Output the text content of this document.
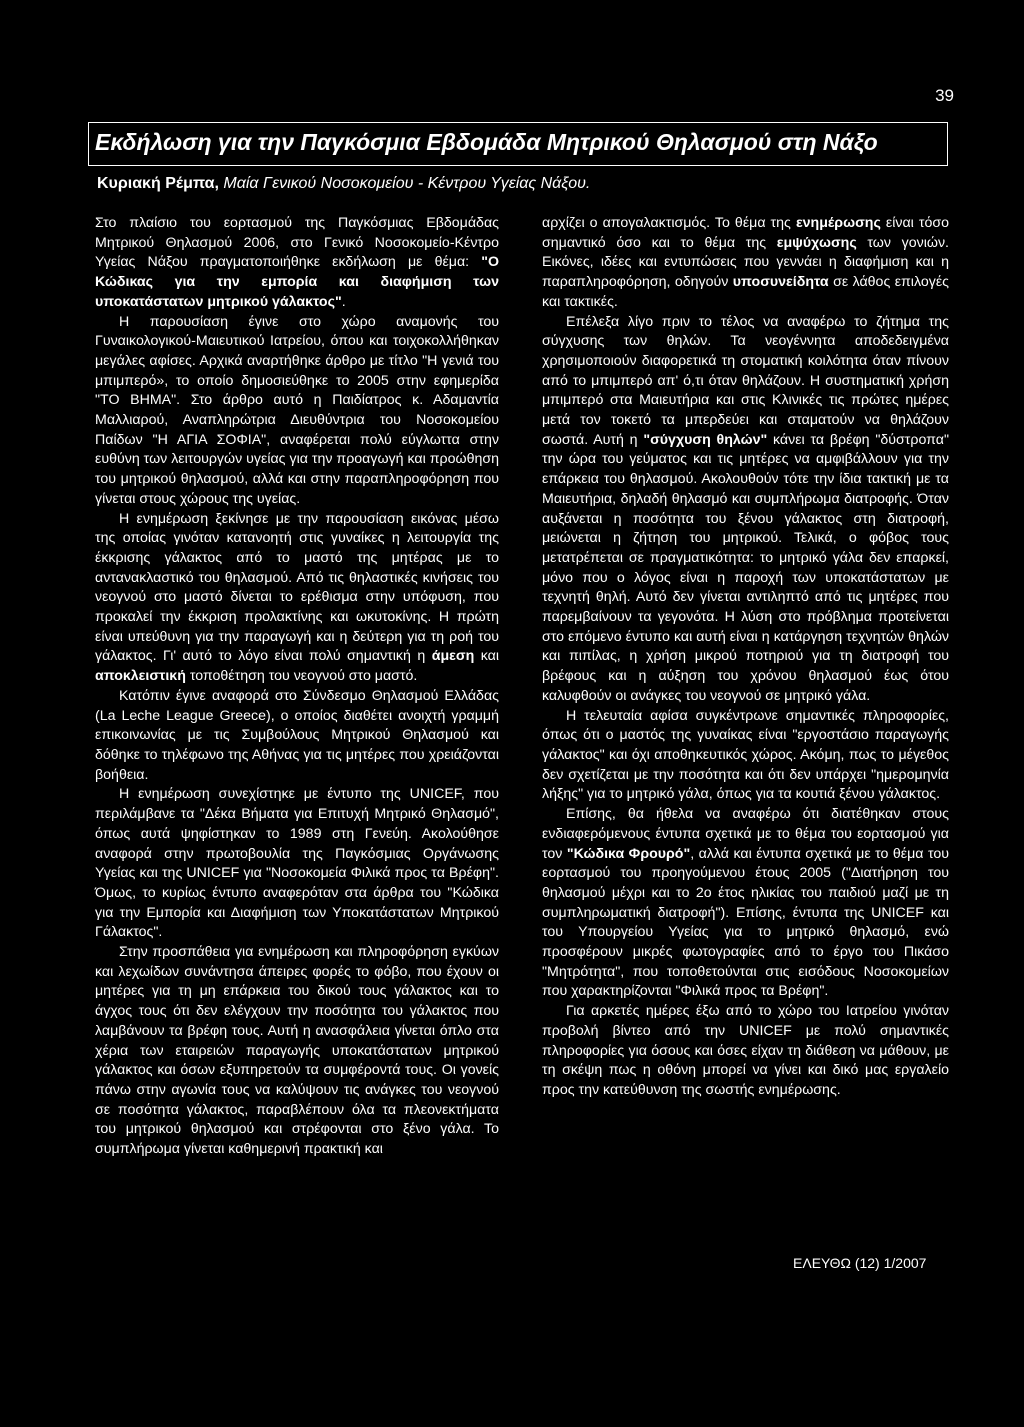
39
Εκδήλωση για την Παγκόσμια Εβδομάδα Μητρικού Θηλασμού στη Νάξο
Κυριακή Ρέμπα, Μαία Γενικού Νοσοκομείου - Κέντρου Υγείας Νάξου.

Στο πλαίσιο του εορτασμού της Παγκόσμιας Εβδομάδας Μητρικού Θηλασμού 2006, στο Γενικό Νοσοκομείο-Κέντρο Υγείας Νάξου πραγματοποιήθηκε εκδήλωση με θέμα: "Ο Κώδικας για την εμπορία και διαφήμιση των υποκατάστατων μητρικού γάλακτος".

Η παρουσίαση έγινε στο χώρο αναμονής του Γυναικολογικού-Μαιευτικού Ιατρείου, όπου και τοιχοκολλήθηκαν μεγάλες αφίσες. Αρχικά αναρτήθηκε άρθρο με τίτλο "Η γενιά του μπιμπερό», το οποίο δημοσιεύθηκε το 2005 στην εφημερίδα "ΤΟ ΒΗΜΑ". Στο άρθρο αυτό η Παιδίατρος κ. Αδαμαντία Μαλλιαρού, Αναπληρώτρια Διευθύντρια του Νοσοκομείου Παίδων "Η ΑΓΙΑ ΣΟΦΙΑ", αναφέρεται πολύ εύγλωττα στην ευθύνη των λειτουργών υγείας για την προαγωγή και προώθηση του μητρικού θηλασμού, αλλά και στην παραπληροφόρηση που γίνεται στους χώρους της υγείας.

Η ενημέρωση ξεκίνησε με την παρουσίαση εικόνας μέσω της οποίας γινόταν κατανοητή στις γυναίκες η λειτουργία της έκκρισης γάλακτος από το μαστό της μητέρας με το αντανακλαστικό του θηλασμού. Από τις θηλαστικές κινήσεις του νεογνού στο μαστό δίνεται το ερέθισμα στην υπόφυση, που προκαλεί την έκκριση προλακτίνης και ωκυτοκίνης. Η πρώτη είναι υπεύθυνη για την παραγωγή και η δεύτερη για τη ροή του γάλακτος. Γι' αυτό το λόγο είναι πολύ σημαντική η άμεση και αποκλειστική τοποθέτηση του νεογνού στο μαστό.

Κατόπιν έγινε αναφορά στο Σύνδεσμο Θηλασμού Ελλάδας (La Leche League Greece), ο οποίος διαθέτει ανοιχτή γραμμή επικοινωνίας με τις Συμβούλους Μητρικού Θηλασμού και δόθηκε το τηλέφωνο της Αθήνας για τις μητέρες που χρειάζονται βοήθεια.

Η ενημέρωση συνεχίστηκε με έντυπο της UNICEF, που περιλάμβανε τα "Δέκα Βήματα για Επιτυχή Μητρικό Θηλασμό", όπως αυτά ψηφίστηκαν το 1989 στη Γενεύη. Ακολούθησε αναφορά στην πρωτοβουλία της Παγκόσμιας Οργάνωσης Υγείας και της UNICEF για "Νοσοκομεία Φιλικά προς τα Βρέφη". Όμως, το κυρίως έντυπο αναφερόταν στα άρθρα του "Κώδικα για την Εμπορία και Διαφήμιση των Υποκατάστατων Μητρικού Γάλακτος".

Στην προσπάθεια για ενημέρωση και πληροφόρηση εγκύων και λεχωίδων συνάντησα άπειρες φορές το φόβο, που έχουν οι μητέρες για τη μη επάρκεια του δικού τους γάλακτος και το άγχος τους ότι δεν ελέγχουν την ποσότητα του γάλακτος που λαμβάνουν τα βρέφη τους. Αυτή η ανασφάλεια γίνεται όπλο στα χέρια των εταιρειών παραγωγής υποκατάστατων μητρικού γάλακτος και όσων εξυπηρετούν τα συμφέροντά τους. Οι γονείς πάνω στην αγωνία τους να καλύψουν τις ανάγκες του νεογνού σε ποσότητα γάλακτος, παραβλέπουν όλα τα πλεονεκτήματα του μητρικού θηλασμού και στρέφονται στο ξένο γάλα. Το συμπλήρωμα γίνεται καθημερινή πρακτική και

αρχίζει ο απογαλακτισμός. Το θέμα της ενημέρωσης είναι τόσο σημαντικό όσο και το θέμα της εμψύχωσης των γονιών. Εικόνες, ιδέες και εντυπώσεις που γεννάει η διαφήμιση και η παραπληροφόρηση, οδηγούν υποσυνείδητα σε λάθος επιλογές και τακτικές.

Επέλεξα λίγο πριν το τέλος να αναφέρω το ζήτημα της σύγχυσης των θηλών. Τα νεογέννητα αποδεδειγμένα χρησιμοποιούν διαφορετικά τη στοματική κοιλότητα όταν πίνουν από το μπιμπερό απ' ό,τι όταν θηλάζουν. Η συστηματική χρήση μπιμπερό στα Μαιευτήρια και στις Κλινικές τις πρώτες ημέρες μετά τον τοκετό τα μπερδεύει και σταματούν να θηλάζουν σωστά. Αυτή η "σύγχυση θηλών" κάνει τα βρέφη "δύστροπα" την ώρα του γεύματος και τις μητέρες να αμφιβάλλουν για την επάρκεια του θηλασμού. Ακολουθούν τότε την ίδια τακτική με τα Μαιευτήρια, δηλαδή θηλασμό και συμπλήρωμα διατροφής. Όταν αυξάνεται η ποσότητα του ξένου γάλακτος στη διατροφή, μειώνεται η ζήτηση του μητρικού. Τελικά, ο φόβος τους μετατρέπεται σε πραγματικότητα: το μητρικό γάλα δεν επαρκεί, μόνο που ο λόγος είναι η παροχή των υποκατάστατων με τεχνητή θηλή. Αυτό δεν γίνεται αντιληπτό από τις μητέρες που παρεμβαίνουν τα γεγονότα. Η λύση στο πρόβλημα προτείνεται στο επόμενο έντυπο και αυτή είναι η κατάργηση τεχνητών θηλών και πιπίλας, η χρήση μικρού ποτηριού για τη διατροφή του βρέφους και η αύξηση του χρόνου θηλασμού έως ότου καλυφθούν οι ανάγκες του νεογνού σε μητρικό γάλα.

Η τελευταία αφίσα συγκέντρωνε σημαντικές πληροφορίες, όπως ότι ο μαστός της γυναίκας είναι "εργοστάσιο παραγωγής γάλακτος" και όχι αποθηκευτικός χώρος. Ακόμη, πως το μέγεθος δεν σχετίζεται με την ποσότητα και ότι δεν υπάρχει "ημερομηνία λήξης" για το μητρικό γάλα, όπως για τα κουτιά ξένου γάλακτος.

Επίσης, θα ήθελα να αναφέρω ότι διατέθηκαν στους ενδιαφερόμενους έντυπα σχετικά με το θέμα του εορτασμού για τον "Κώδικα Φρουρό", αλλά και έντυπα σχετικά με το θέμα του εορτασμού του προηγούμενου έτους 2005 ("Διατήρηση του θηλασμού μέχρι και το 2ο έτος ηλικίας του παιδιού μαζί με τη συμπληρωματική διατροφή"). Επίσης, έντυπα της UNICEF και του Υπουργείου Υγείας για το μητρικό θηλασμό, ενώ προσφέρουν μικρές φωτογραφίες από το έργο του Πικάσο "Μητρότητα", που τοποθετούνται στις εισόδους Νοσοκομείων που χαρακτηρίζονται "Φιλικά προς τα Βρέφη".

Για αρκετές ημέρες έξω από το χώρο του Ιατρείου γινόταν προβολή βίντεο από την UNICEF με πολύ σημαντικές πληροφορίες για όσους και όσες είχαν τη διάθεση να μάθουν, με τη σκέψη πως η οθόνη μπορεί να γίνει και δικό μας εργαλείο προς την κατεύθυνση της σωστής ενημέρωσης.

ΕΛΕΥΘΩ (12) 1/2007
